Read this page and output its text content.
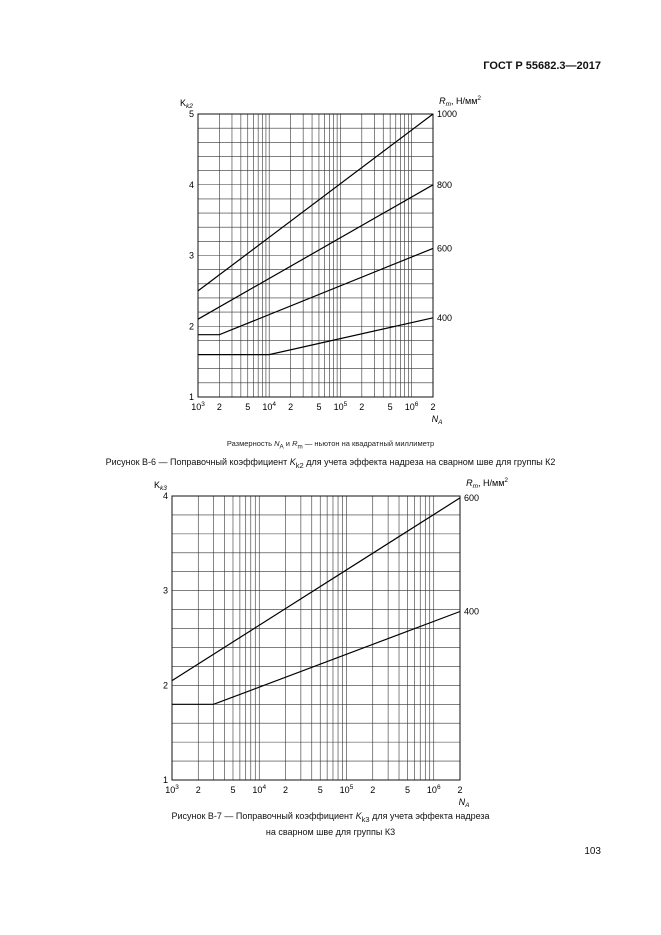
ГОСТ Р 55682.3—2017
1
2
3
4
5
$10^3$ 2	5 $10^4$ 2	5 $10^5$ 2	5 $10^6$ 2
$K_{k2}$
$N_A$
$R_m$, $Н/мм^2$
1000
800
600
400
Размерность $N_A$ и $R_m$ — ньютон на квадратный миллиметр
Рисунок В-6 — Поправочный коэффициент $K_{k2}$ для учета эффекта надреза на сварном шве для группы К2
1
2
3
4
$10^3$ 2	5 $10^4$ 2	5 $10^5$ 2	5 $10^6$ 2
$K_{k3}$
$N_A$
$R_m$, $Н/мм^2$
600
400
Рисунок В-7 — Поправочный коэффициент $K_{k3}$ для учета эффекта надреза
на сварном шве для группы К3
103
